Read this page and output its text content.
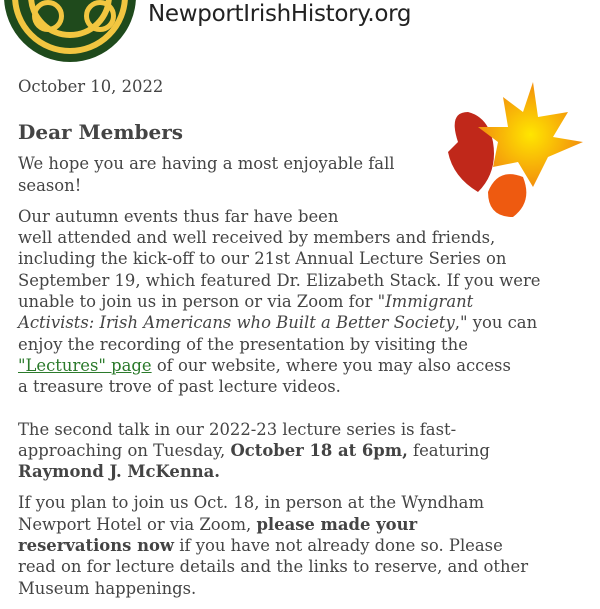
NewportIrishHistory.org

October 10, 2022

Dear Members

We hope you are having a most enjoyable fall
season!

Our autumn events thus far have been
well attended and well received by members and friends,
including the kick-off to our 21st Annual Lecture Series on
September 19, which featured Dr. Elizabeth Stack. If you were
unable to join us in person or via Zoom for "Immigrant
Activists: Irish Americans who Built a Better Society," you can
enjoy the recording of the presentation by visiting the
"Lectures" page of our website, where you may also access
a treasure trove of past lecture videos.

The second talk in our 2022-23 lecture series is fast-
approaching on Tuesday, October 18 at 6pm, featuring
Raymond J. McKenna.

If you plan to join us Oct. 18, in person at the Wyndham
Newport Hotel or via Zoom, please made your
reservations now if you have not already done so. Please
read on for lecture details and the links to reserve, and other
Museum happenings.
